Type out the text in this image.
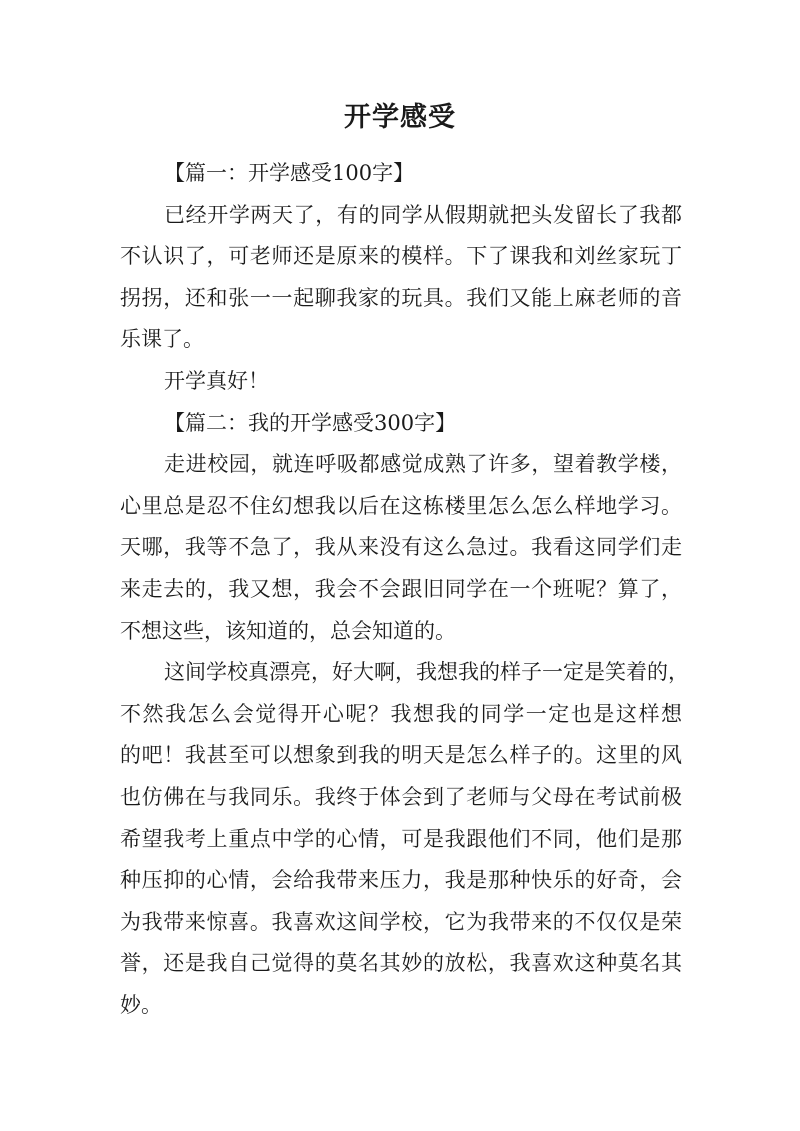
开学感受
【篇一：开学感受100字】
已经开学两天了，有的同学从假期就把头发留长了我都
不认识了，可老师还是原来的模样。下了课我和刘丝家玩丁
拐拐，还和张一一起聊我家的玩具。我们又能上麻老师的音
乐课了。
开学真好！
【篇二：我的开学感受300字】
走进校园，就连呼吸都感觉成熟了许多，望着教学楼，
心里总是忍不住幻想我以后在这栋楼里怎么怎么样地学习。
天哪，我等不急了，我从来没有这么急过。我看这同学们走
来走去的，我又想，我会不会跟旧同学在一个班呢？算了，
不想这些，该知道的，总会知道的。
这间学校真漂亮，好大啊，我想我的样子一定是笑着的，
不然我怎么会觉得开心呢？我想我的同学一定也是这样想
的吧！我甚至可以想象到我的明天是怎么样子的。这里的风
也仿佛在与我同乐。我终于体会到了老师与父母在考试前极
希望我考上重点中学的心情，可是我跟他们不同，他们是那
种压抑的心情，会给我带来压力，我是那种快乐的好奇，会
为我带来惊喜。我喜欢这间学校，它为我带来的不仅仅是荣
誉，还是我自己觉得的莫名其妙的放松，我喜欢这种莫名其
妙。
